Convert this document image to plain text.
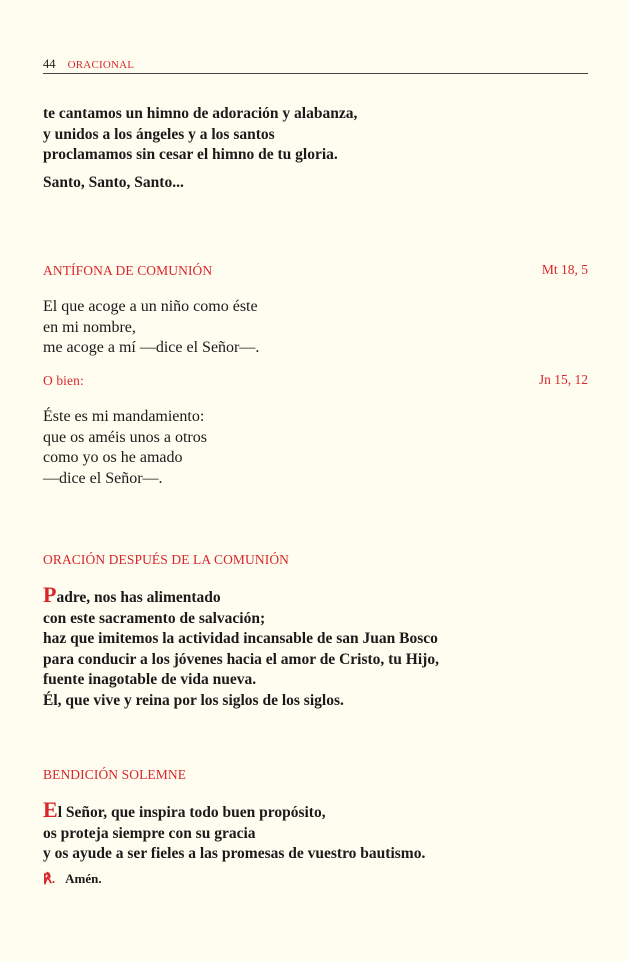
44 ORACIONAL
te cantamos un himno de adoración y alabanza,
y unidos a los ángeles y a los santos
proclamamos sin cesar el himno de tu gloria.
Santo, Santo, Santo...
ANTÍFONA DE COMUNIÓN	Mt 18, 5
El que acoge a un niño como éste
en mi nombre,
me acoge a mí —dice el Señor—.
O bien:	Jn 15, 12
Éste es mi mandamiento:
que os améis unos a otros
como yo os he amado
—dice el Señor—.
ORACIÓN DESPUÉS DE LA COMUNIÓN
Padre, nos has alimentado
con este sacramento de salvación;
haz que imitemos la actividad incansable de san Juan Bosco
para conducir a los jóvenes hacia el amor de Cristo, tu Hijo,
fuente inagotable de vida nueva.
Él, que vive y reina por los siglos de los siglos.
BENDICIÓN SOLEMNE
El Señor, que inspira todo buen propósito,
os proteja siempre con su gracia
y os ayude a ser fieles a las promesas de vuestro bautismo.
℟. Amén.
